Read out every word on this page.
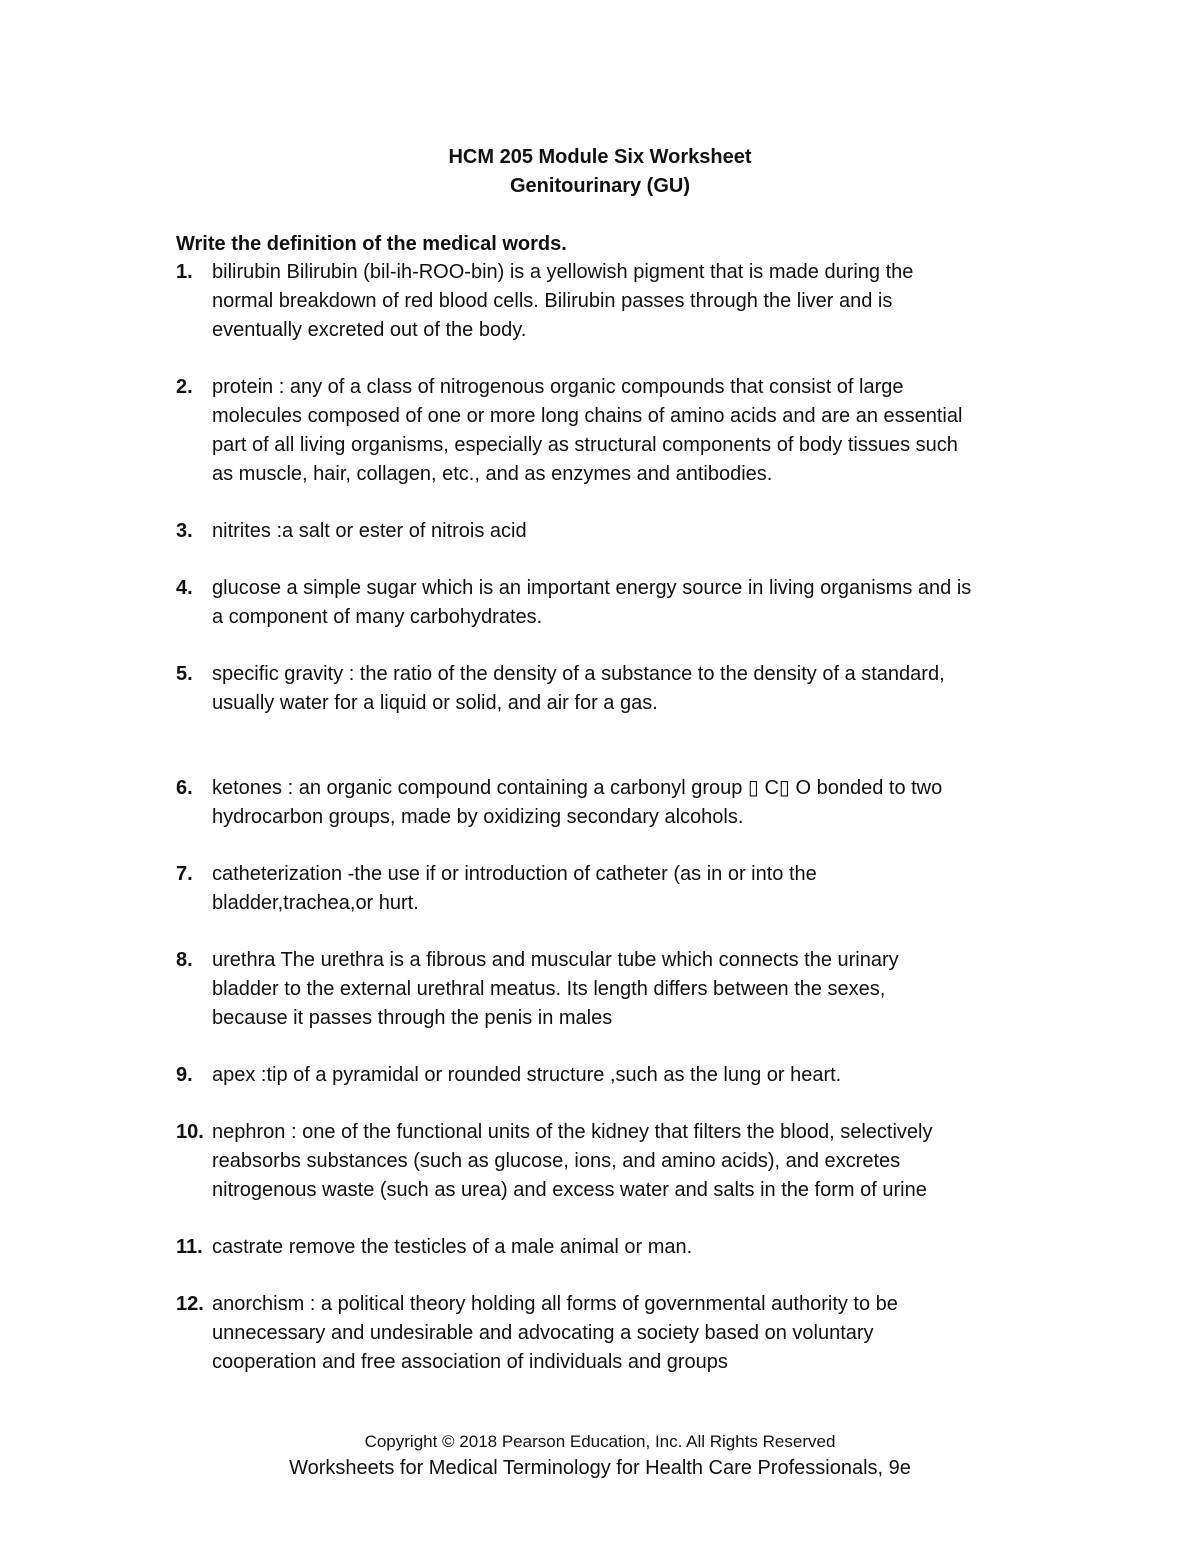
HCM 205 Module Six Worksheet
Genitourinary (GU)
Write the definition of the medical words.
1. bilirubin Bilirubin (bil-ih-ROO-bin) is a yellowish pigment that is made during the
normal breakdown of red blood cells. Bilirubin passes through the liver and is
eventually excreted out of the body.
2. protein : any of a class of nitrogenous organic compounds that consist of large
molecules composed of one or more long chains of amino acids and are an essential
part of all living organisms, especially as structural components of body tissues such
as muscle, hair, collagen, etc., and as enzymes and antibodies.
3. nitrites :a salt or ester of nitrois acid
4. glucose a simple sugar which is an important energy source in living organisms and is
a component of many carbohydrates.
5. specific gravity : the ratio of the density of a substance to the density of a standard,
usually water for a liquid or solid, and air for a gas.
6. ketones : an organic compound containing a carbonyl group ▯ C▯ O bonded to two
hydrocarbon groups, made by oxidizing secondary alcohols.
7. catheterization -the use if or introduction of catheter (as in or into the
bladder,trachea,or hurt.
8. urethra The urethra is a fibrous and muscular tube which connects the urinary
bladder to the external urethral meatus. Its length differs between the sexes,
because it passes through the penis in males
9. apex :tip of a pyramidal or rounded structure ,such as the lung or heart.
10. nephron : one of the functional units of the kidney that filters the blood, selectively
reabsorbs substances (such as glucose, ions, and amino acids), and excretes
nitrogenous waste (such as urea) and excess water and salts in the form of urine
11. castrate remove the testicles of a male animal or man.
12. anorchism : a political theory holding all forms of governmental authority to be
unnecessary and undesirable and advocating a society based on voluntary
cooperation and free association of individuals and groups
Copyright © 2018 Pearson Education, Inc. All Rights Reserved
Worksheets for Medical Terminology for Health Care Professionals, 9e
